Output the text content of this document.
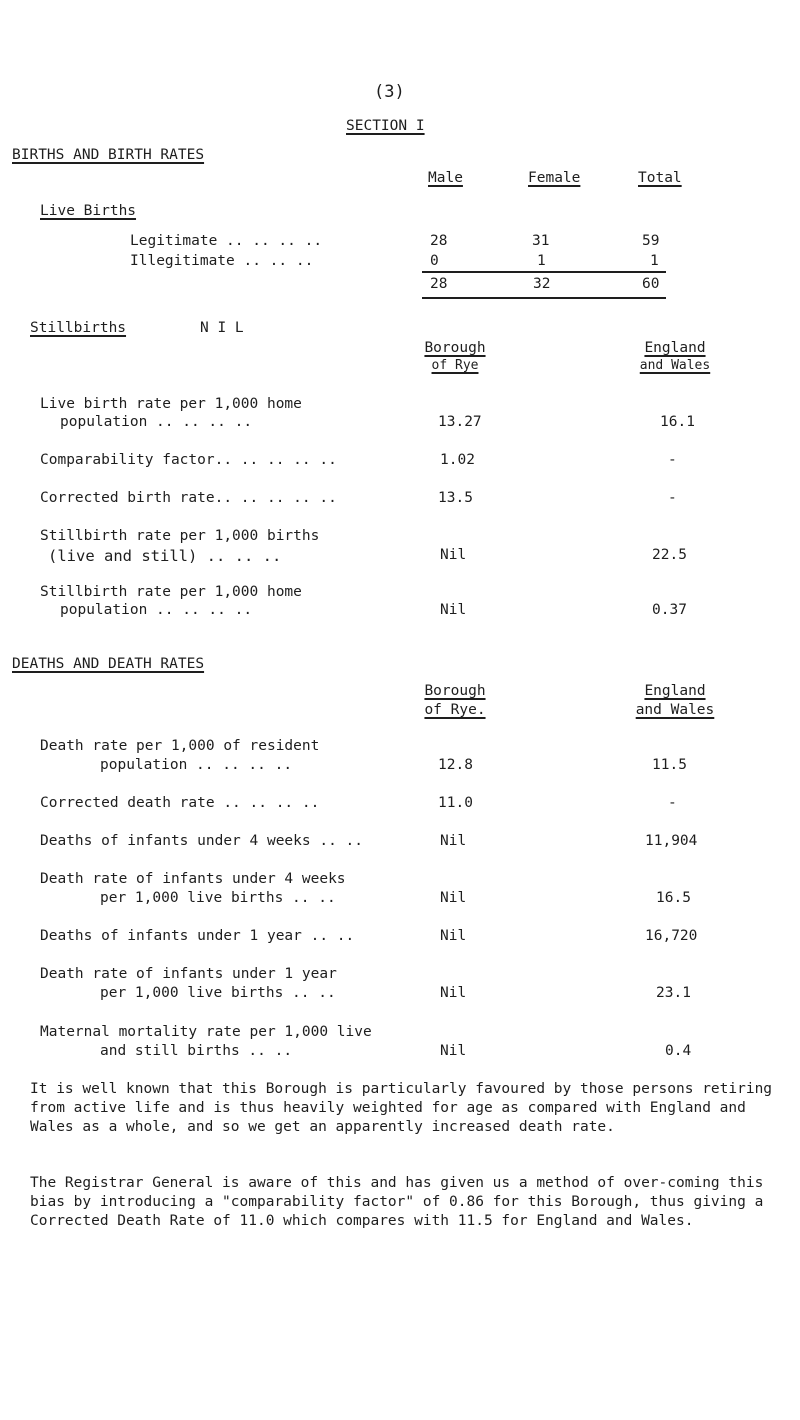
(3)
SECTION I
BIRTHS AND BIRTH RATES
Male	Female	Total
Live Births
Legitimate .. .. .. ..	28	31	59
Illegitimate .. .. ..	0	1	1
28	32	60
Stillbirths	N I L
Borough
of Rye
England
and Wales
Live birth rate per 1,000 home
population .. .. .. ..	13.27	16.1
Comparability factor.. .. .. .. ..	1.02	-
Corrected birth rate.. .. .. .. ..	13.5	-
Stillbirth rate per 1,000 births
(live and still) .. .. ..	Nil	22.5
Stillbirth rate per 1,000 home
population .. .. .. ..	Nil	0.37
DEATHS AND DEATH RATES
Borough
of Rye.
England
and Wales
Death rate per 1,000 of resident
population .. .. .. ..	12.8	11.5
Corrected death rate .. .. .. ..	11.0	-
Deaths of infants under 4 weeks .. ..	Nil	11,904
Death rate of infants under 4 weeks
per 1,000 live births .. ..	Nil	16.5
Deaths of infants under 1 year .. ..	Nil	16,720
Death rate of infants under 1 year
per 1,000 live births .. ..	Nil	23.1
Maternal mortality rate per 1,000 live
and still births .. ..	Nil	0.4
It is well known that this Borough is particularly favoured by those persons retiring from active life and is thus heavily weighted for age as compared with England and Wales as a whole, and so we get an apparently increased death rate.
The Registrar General is aware of this and has given us a method of over-coming this bias by introducing a "comparability factor" of 0.86 for this Borough, thus giving a Corrected Death Rate of 11.0 which compares with 11.5 for England and Wales.
